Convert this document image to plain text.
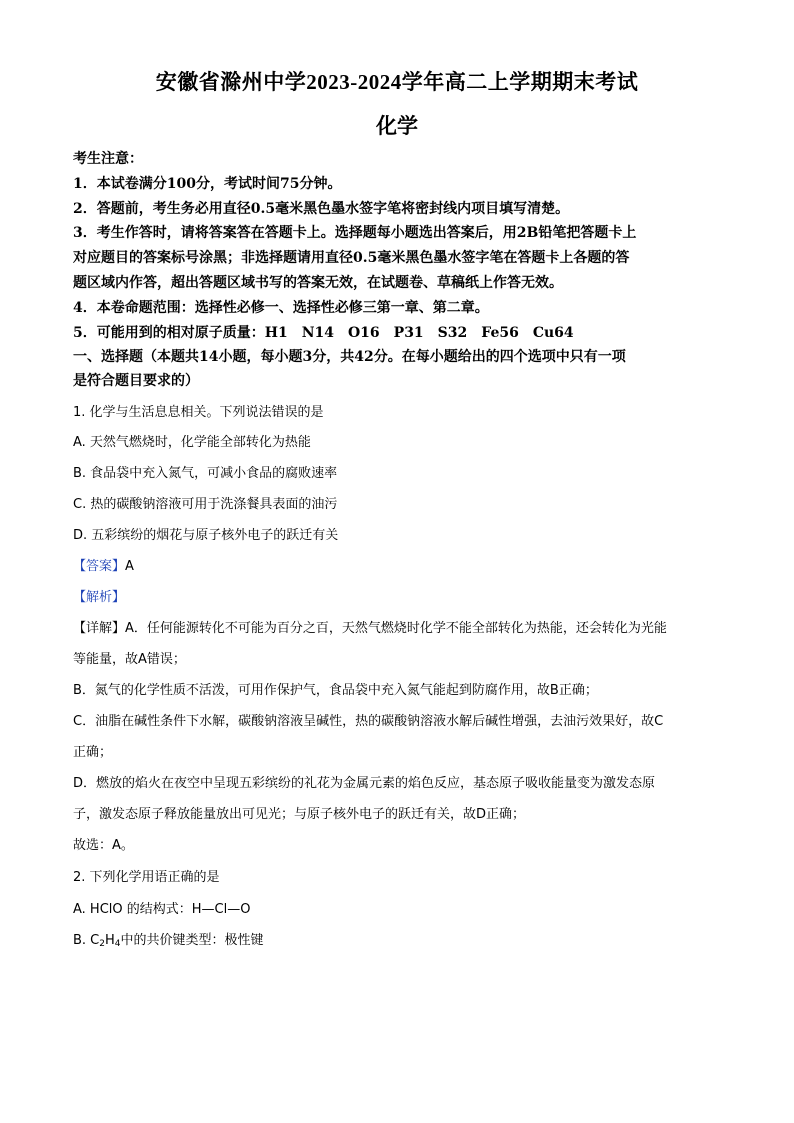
安徽省滁州中学2023-2024学年高二上学期期末考试
化学
考生注意：
1．本试卷满分100分，考试时间75分钟。
2．答题前，考生务必用直径0.5毫米黑色墨水签字笔将密封线内项目填写清楚。
3．考生作答时，请将答案答在答题卡上。选择题每小题选出答案后，用2B铅笔把答题卡上
对应题目的答案标号涂黑；非选择题请用直径0.5毫米黑色墨水签字笔在答题卡上各题的答
题区域内作答，超出答题区域书写的答案无效，在试题卷、草稿纸上作答无效。
4．本卷命题范围：选择性必修一、选择性必修三第一章、第二章。
5．可能用到的相对原子质量：H1　N14　O16　P31　S32　Fe56　Cu64
一、选择题（本题共14小题，每小题3分，共42分。在每小题给出的四个选项中只有一项
是符合题目要求的）
1. 化学与生活息息相关。下列说法错误的是
A. 天然气燃烧时，化学能全部转化为热能
B. 食品袋中充入氮气，可减小食品的腐败速率
C. 热的碳酸钠溶液可用于洗涤餐具表面的油污
D. 五彩缤纷的烟花与原子核外电子的跃迁有关
【答案】A
【解析】
【详解】A．任何能源转化不可能为百分之百，天然气燃烧时化学不能全部转化为热能，还会转化为光能
等能量，故A错误；
B．氮气的化学性质不活泼，可用作保护气，食品袋中充入氮气能起到防腐作用，故B正确；
C．油脂在碱性条件下水解，碳酸钠溶液呈碱性，热的碳酸钠溶液水解后碱性增强，去油污效果好，故C
正确；
D．燃放的焰火在夜空中呈现五彩缤纷的礼花为金属元素的焰色反应，基态原子吸收能量变为激发态原
子，激发态原子释放能量放出可见光；与原子核外电子的跃迁有关，故D正确；
故选：A。
2. 下列化学用语正确的是
A. HClO 的结构式：H—Cl—O
B. $C_2H_4$中的共价键类型：极性键
